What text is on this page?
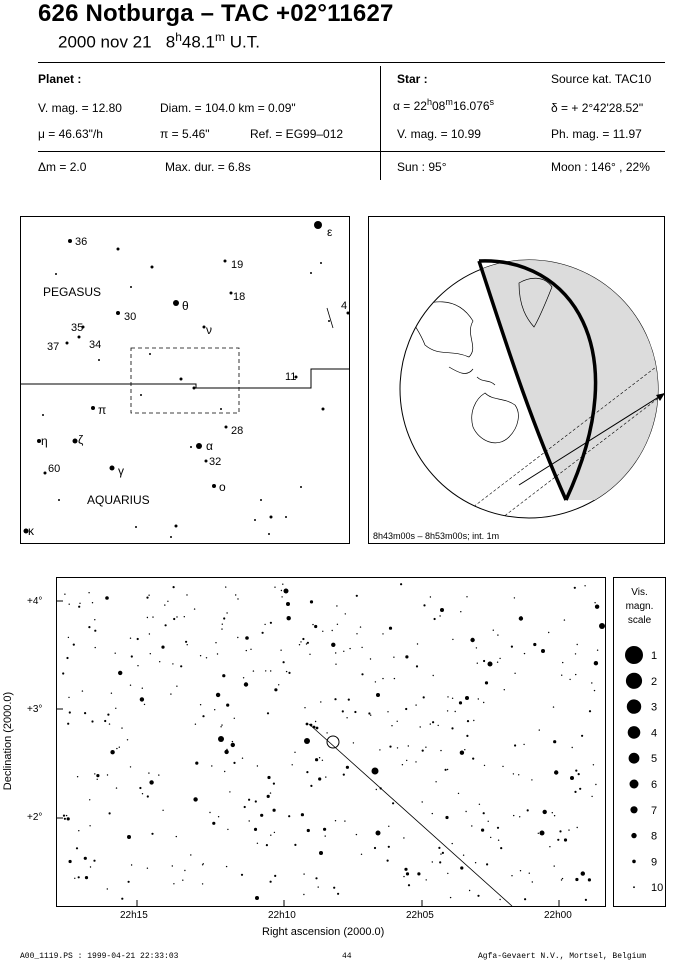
626 Notburga – TAC +02°11627
2000 nov 21 8$^h$48.1$^m$ U.T.
Planet :
V. mag. = 12.80	Diam. = 104.0 km = 0.09"
μ = 46.63"/h	π = 5.46"	Ref. = EG99–012
Δm = 2.0	Max. dur. = 6.8s
Star :	Source kat. TAC10
$\alpha = 22^h08^m16.076^s$	δ = + 2°42'28.52"
V. mag. = 10.99	Ph. mag. = 11.97
Sun : 95°	Moon : 146° , 22%
PEGASUS
AQUARIUS
36
19
18
θ
ν
30
35
37	34
4
11
π
28
η	ζ	α
32
60	γ
ο
κ
ε
8h43m00s – 8h53m00s; int. 1m
+4°
+3°
+2°
22h15	22h10	22h05	22h00
Right ascension (2000.0)
Declination (2000.0)
Vis.
magn.
scale
1
2
3
4
5
6
7
8
9
10
A00_1119.PS : 1999-04-21 22:33:03	44	Agfa-Gevaert N.V., Mortsel, Belgium
